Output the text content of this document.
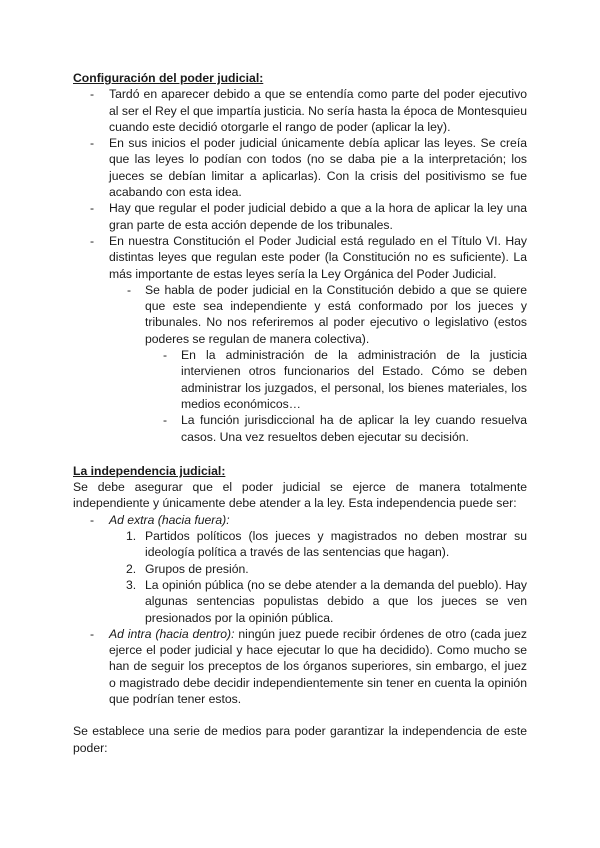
Configuración del poder judicial:

- Tardó en aparecer debido a que se entendía como parte del poder ejecutivo al ser el Rey el que impartía justicia. No sería hasta la época de Montesquieu cuando este decidió otorgarle el rango de poder (aplicar la ley).
- En sus inicios el poder judicial únicamente debía aplicar las leyes. Se creía que las leyes lo podían con todos (no se daba pie a la interpretación; los jueces se debían limitar a aplicarlas). Con la crisis del positivismo se fue acabando con esta idea.
- Hay que regular el poder judicial debido a que a la hora de aplicar la ley una gran parte de esta acción depende de los tribunales.
- En nuestra Constitución el Poder Judicial está regulado en el Título VI. Hay distintas leyes que regulan este poder (la Constitución no es suficiente). La más importante de estas leyes sería la Ley Orgánica del Poder Judicial.
- Se habla de poder judicial en la Constitución debido a que se quiere que este sea independiente y está conformado por los jueces y tribunales. No nos referiremos al poder ejecutivo o legislativo (estos poderes se regulan de manera colectiva).
- En la administración de la administración de la justicia intervienen otros funcionarios del Estado. Cómo se deben administrar los juzgados, el personal, los bienes materiales, los medios económicos…
- La función jurisdiccional ha de aplicar la ley cuando resuelva casos. Una vez resueltos deben ejecutar su decisión.

La independencia judicial:

Se debe asegurar que el poder judicial se ejerce de manera totalmente independiente y únicamente debe atender a la ley. Esta independencia puede ser:

- Ad extra (hacia fuera):
1. Partidos políticos (los jueces y magistrados no deben mostrar su ideología política a través de las sentencias que hagan).
2. Grupos de presión.
3. La opinión pública (no se debe atender a la demanda del pueblo). Hay algunas sentencias populistas debido a que los jueces se ven presionados por la opinión pública.
- Ad intra (hacia dentro): ningún juez puede recibir órdenes de otro (cada juez ejerce el poder judicial y hace ejecutar lo que ha decidido). Como mucho se han de seguir los preceptos de los órganos superiores, sin embargo, el juez o magistrado debe decidir independientemente sin tener en cuenta la opinión que podrían tener estos.

Se establece una serie de medios para poder garantizar la independencia de este poder:
